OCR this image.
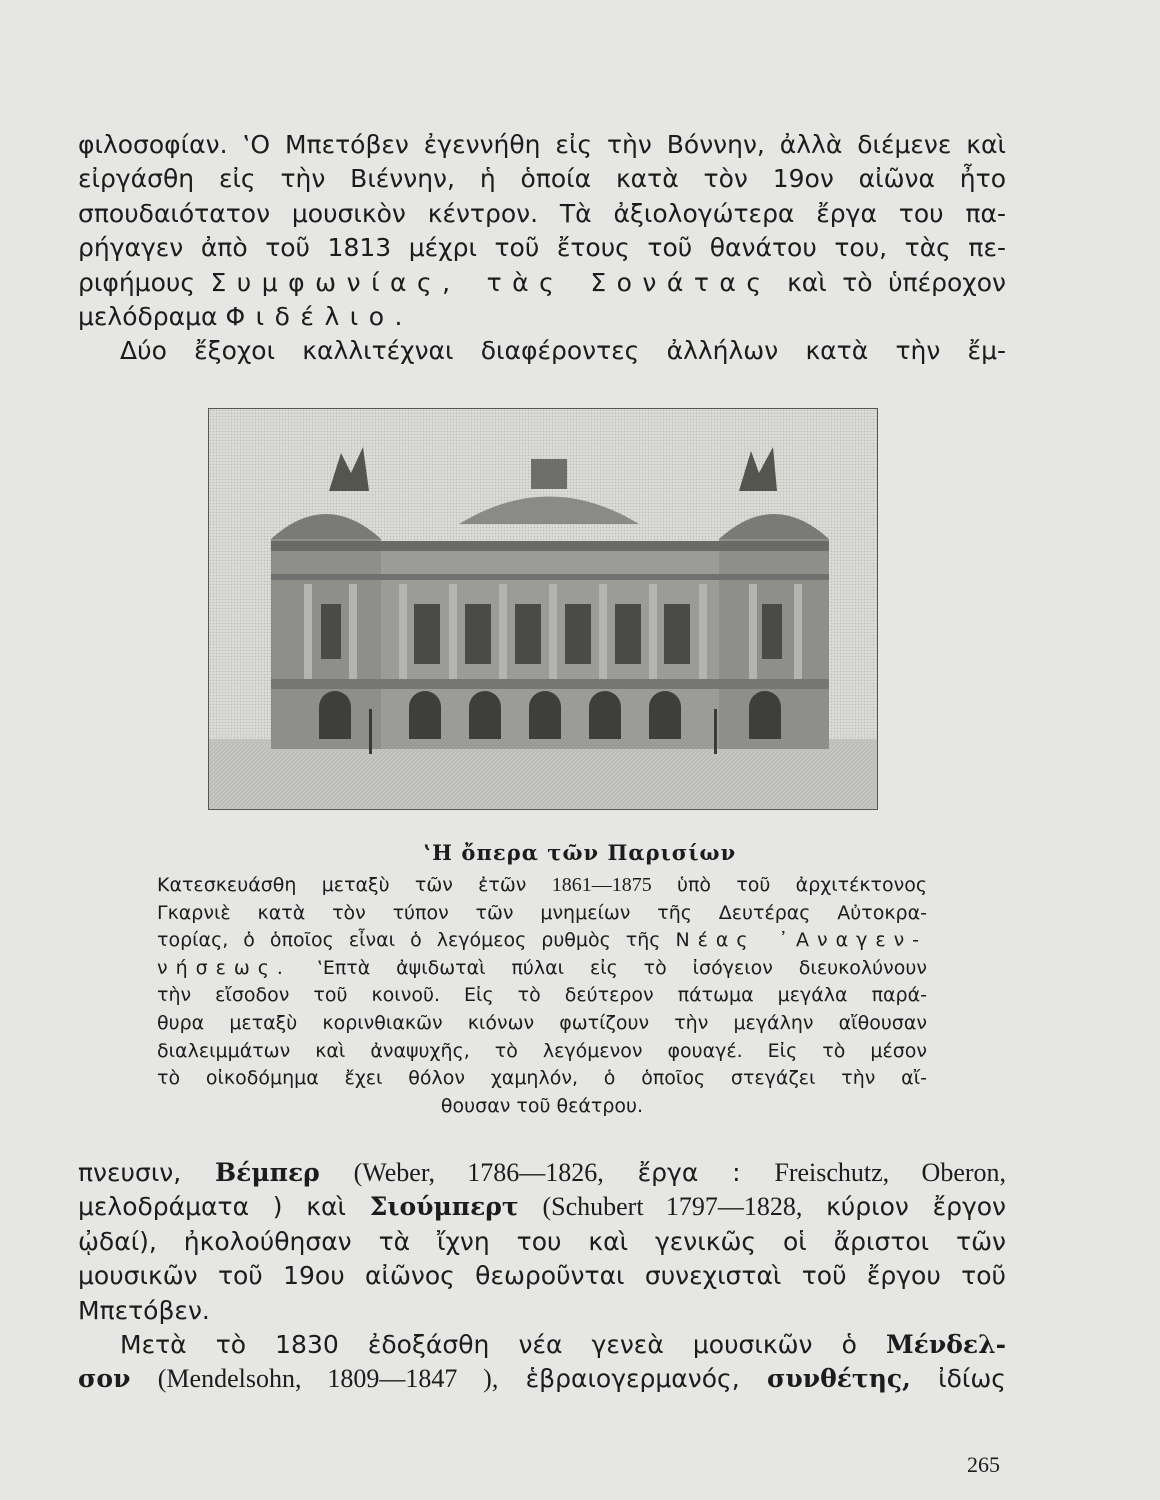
φιλοσοφίαν. ‛Ο Μπετόβεν ἐγεννήθη εἰς τὴν Βόννην, ἀλλὰ διέμενε καὶ
εἰργάσθη εἰς τὴν Βιέννην, ἡ ὁποία κατὰ τὸν 19ον αἰῶνα ἦτο
σπουδαιότατον μουσικὸν κέντρον. Τὰ ἀξιολογώτερα ἔργα του πα-
ρήγαγεν ἀπὸ τοῦ 1813 μέχρι τοῦ ἔτους τοῦ θανάτου του, τὰς πε-
ριφήμους Συμφωνίας, τὰς Σονάτας καὶ τὸ ὑπέροχον
μελόδραμα Φιδέλιο.
Δύο ἔξοχοι καλλιτέχναι διαφέροντες ἀλλήλων κατὰ τὴν ἔμ-
‛Η ὄπερα τῶν Παρισίων
Κατεσκευάσθη μεταξὺ τῶν ἐτῶν 1861—1875 ὑπὸ τοῦ ἀρχιτέκτονος
Γκαρνιὲ κατὰ τὸν τύπον τῶν μνημείων τῆς Δευτέρας Αὐτοκρα-
τορίας, ὁ ὁποῖος εἶναι ὁ λεγόμεος ρυθμὸς τῆς Νέας ᾿Αναγεν-
νήσεως. ‛Επτὰ ἀψιδωταὶ πύλαι εἰς τὸ ἰσόγειον διευκολύνουν
τὴν εἴσοδον τοῦ κοινοῦ. Εἰς τὸ δεύτερον πάτωμα μεγάλα παρά-
θυρα μεταξὺ κορινθιακῶν κιόνων φωτίζουν τὴν μεγάλην αἴθουσαν
διαλειμμάτων καὶ ἀναψυχῆς, τὸ λεγόμενον φουαγέ. Εἰς τὸ μέσον
τὸ οἰκοδόμημα ἔχει θόλον χαμηλόν, ὁ ὁποῖος στεγάζει τὴν αἴ-
θουσαν τοῦ θεάτρου.
πνευσιν, Βέμπερ (Weber, 1786—1826, ἔργα : Freischutz, Oberon,
μελοδράματα ) καὶ Σιούμπερτ (Schubert 1797—1828, κύριον ἔργον
ᾠδαί), ἠκολούθησαν τὰ ἴχνη του καὶ γενικῶς οἱ ἄριστοι τῶν
μουσικῶν τοῦ 19ου αἰῶνος θεωροῦνται συνεχισταὶ τοῦ ἔργου τοῦ
Μπετόβεν.
Μετὰ τὸ 1830 ἐδοξάσθη νέα γενεὰ μουσικῶν ὁ Μένδελ-
σον (Mendelsohn, 1809—1847 ), ἑβραιογερμανός, συνθέτης, ἰδίως
265
